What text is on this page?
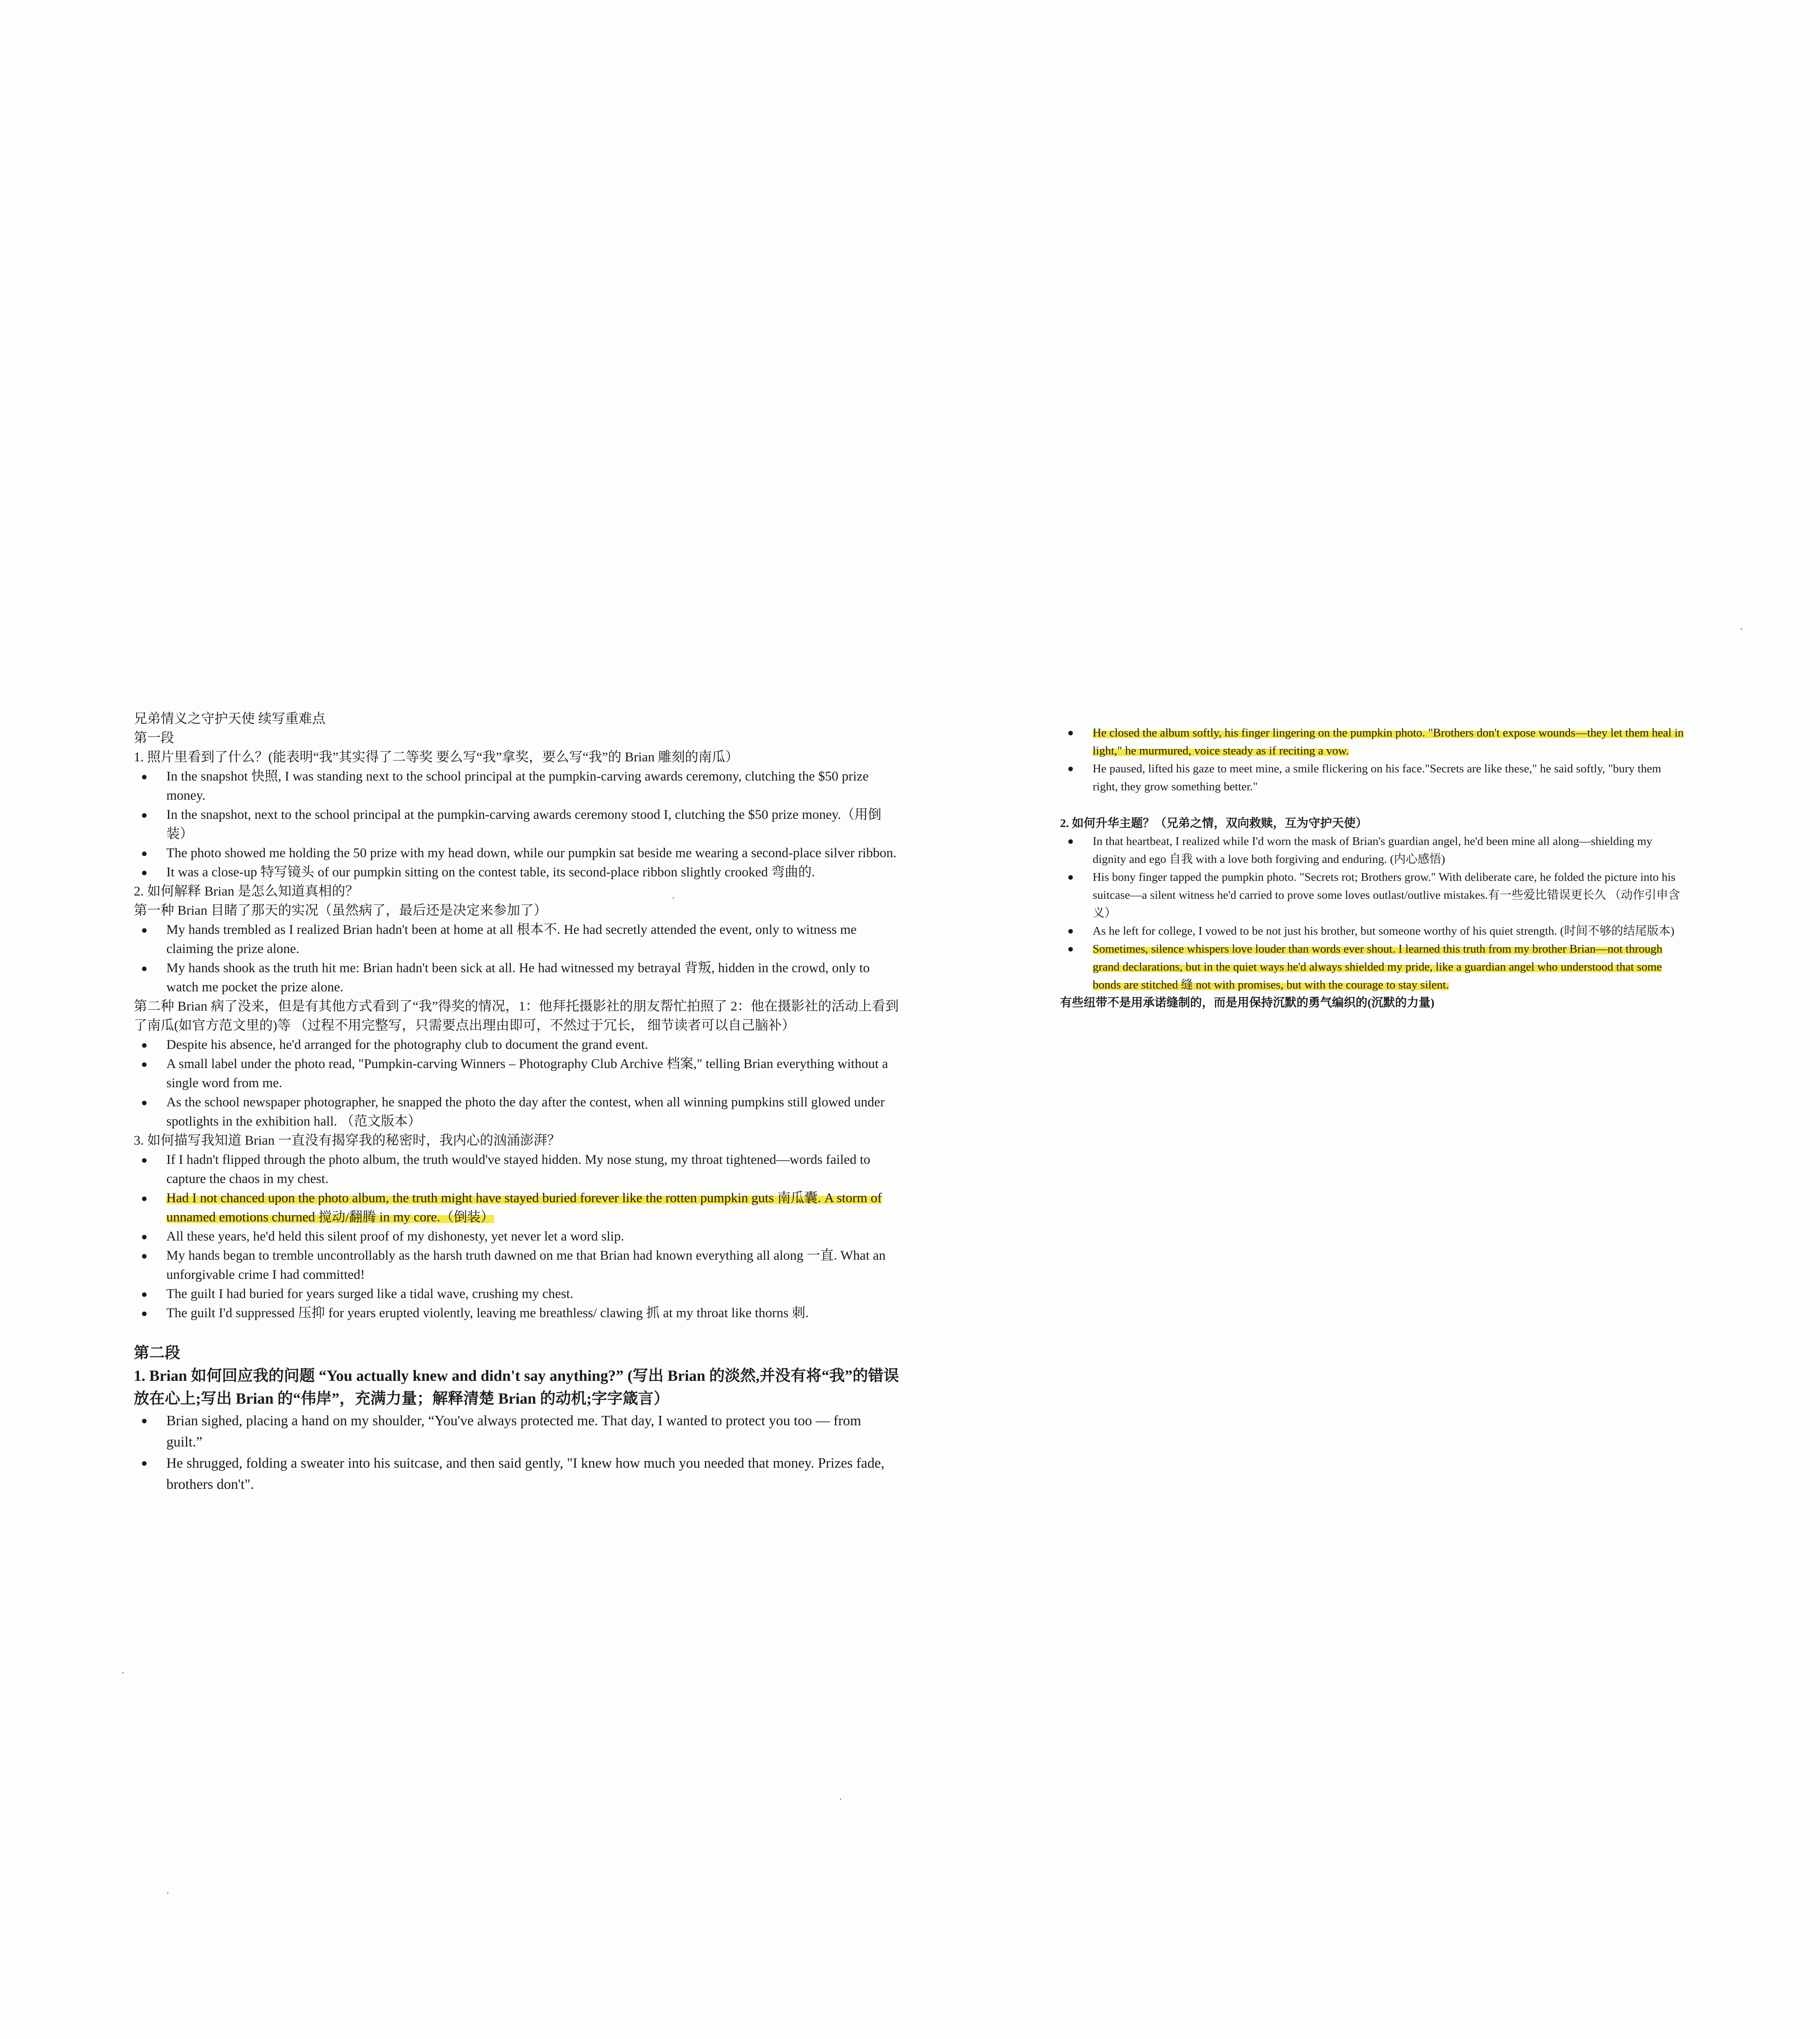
兄弟情义之守护天使 续写重难点

第一段

1. 照片里看到了什么？(能表明“我”其实得了二等奖 要么写“我”拿奖，要么写“我”的 Brian 雕刻的南瓜）

● In the snapshot 快照, I was standing next to the school principal at the pumpkin-carving awards ceremony, clutching the $50 prize money.

● In the snapshot, next to the school principal at the pumpkin-carving awards ceremony stood I, clutching the $50 prize money.（用倒装）

● The photo showed me holding the 50 prize with my head down, while our pumpkin sat beside me wearing a second-place silver ribbon.

● It was a close-up 特写镜头 of our pumpkin sitting on the contest table, its second-place ribbon slightly crooked 弯曲的.

2. 如何解释 Brian 是怎么知道真相的？

第一种 Brian 目睹了那天的实况（虽然病了，最后还是决定来参加了）

● My hands trembled as I realized Brian hadn't been at home at all 根本不. He had secretly attended the event, only to witness me claiming the prize alone.

● My hands shook as the truth hit me: Brian hadn't been sick at all. He had witnessed my betrayal 背叛, hidden in the crowd, only to watch me pocket the prize alone.

第二种 Brian 病了没来，但是有其他方式看到了“我”得奖的情况，1：他拜托摄影社的朋友帮忙拍照了 2：他在摄影社的活动上看到了南瓜(如官方范文里的)等 （过程不用完整写，只需要点出理由即可，不然过于冗长， 细节读者可以自己脑补）

● Despite his absence, he'd arranged for the photography club to document the grand event.

● A small label under the photo read, "Pumpkin-carving Winners – Photography Club Archive 档案," telling Brian everything without a single word from me.

● As the school newspaper photographer, he snapped the photo the day after the contest, when all winning pumpkins still glowed under spotlights in the exhibition hall. （范文版本）

3. 如何描写我知道 Brian 一直没有揭穿我的秘密时，我内心的汹涌澎湃？

● If I hadn't flipped through the photo album, the truth would've stayed hidden. My nose stung, my throat tightened—words failed to capture the chaos in my chest.

● Had I not chanced upon the photo album, the truth might have stayed buried forever like the rotten pumpkin guts 南瓜囊. A storm of unnamed emotions churned 搅动/翻腾 in my core.（倒装）

● All these years, he'd held this silent proof of my dishonesty, yet never let a word slip.

● My hands began to tremble uncontrollably as the harsh truth dawned on me that Brian had known everything all along 一直. What an unforgivable crime I had committed!

● The guilt I had buried for years surged like a tidal wave, crushing my chest.

● The guilt I'd suppressed 压抑 for years erupted violently, leaving me breathless/ clawing 抓 at my throat like thorns 刺.

第二段

1. Brian 如何回应我的问题 “You actually knew and didn't say anything?” (写出 Brian 的淡然,并没有将“我”的错误放在心上;写出 Brian 的“伟岸”，充满力量；解释清楚 Brian 的动机;字字箴言）

● Brian sighed, placing a hand on my shoulder, “You've always protected me. That day, I wanted to protect you too — from guilt.”

● He shrugged, folding a sweater into his suitcase, and then said gently, "I knew how much you needed that money. Prizes fade, brothers don't".

● He closed the album softly, his finger lingering on the pumpkin photo. "Brothers don't expose wounds—they let them heal in light," he murmured, voice steady as if reciting a vow.

● He paused, lifted his gaze to meet mine, a smile flickering on his face."Secrets are like these," he said softly, "bury them right, they grow something better."

2. 如何升华主题？（兄弟之情，双向救赎，互为守护天使）

● In that heartbeat, I realized while I'd worn the mask of Brian's guardian angel, he'd been mine all along—shielding my dignity and ego 自我 with a love both forgiving and enduring. (内心感悟)

● His bony finger tapped the pumpkin photo. "Secrets rot; Brothers grow." With deliberate care, he folded the picture into his suitcase—a silent witness he'd carried to prove some loves outlast/outlive mistakes.有一些爱比错误更长久 （动作引申含义）

● As he left for college, I vowed to be not just his brother, but someone worthy of his quiet strength. (时间不够的结尾版本)

● Sometimes, silence whispers love louder than words ever shout. I learned this truth from my brother Brian—not through grand declarations, but in the quiet ways he'd always shielded my pride, like a guardian angel who understood that some bonds are stitched 缝 not with promises, but with the courage to stay silent.

有些纽带不是用承诺缝制的，而是用保持沉默的勇气编织的(沉默的力量)
